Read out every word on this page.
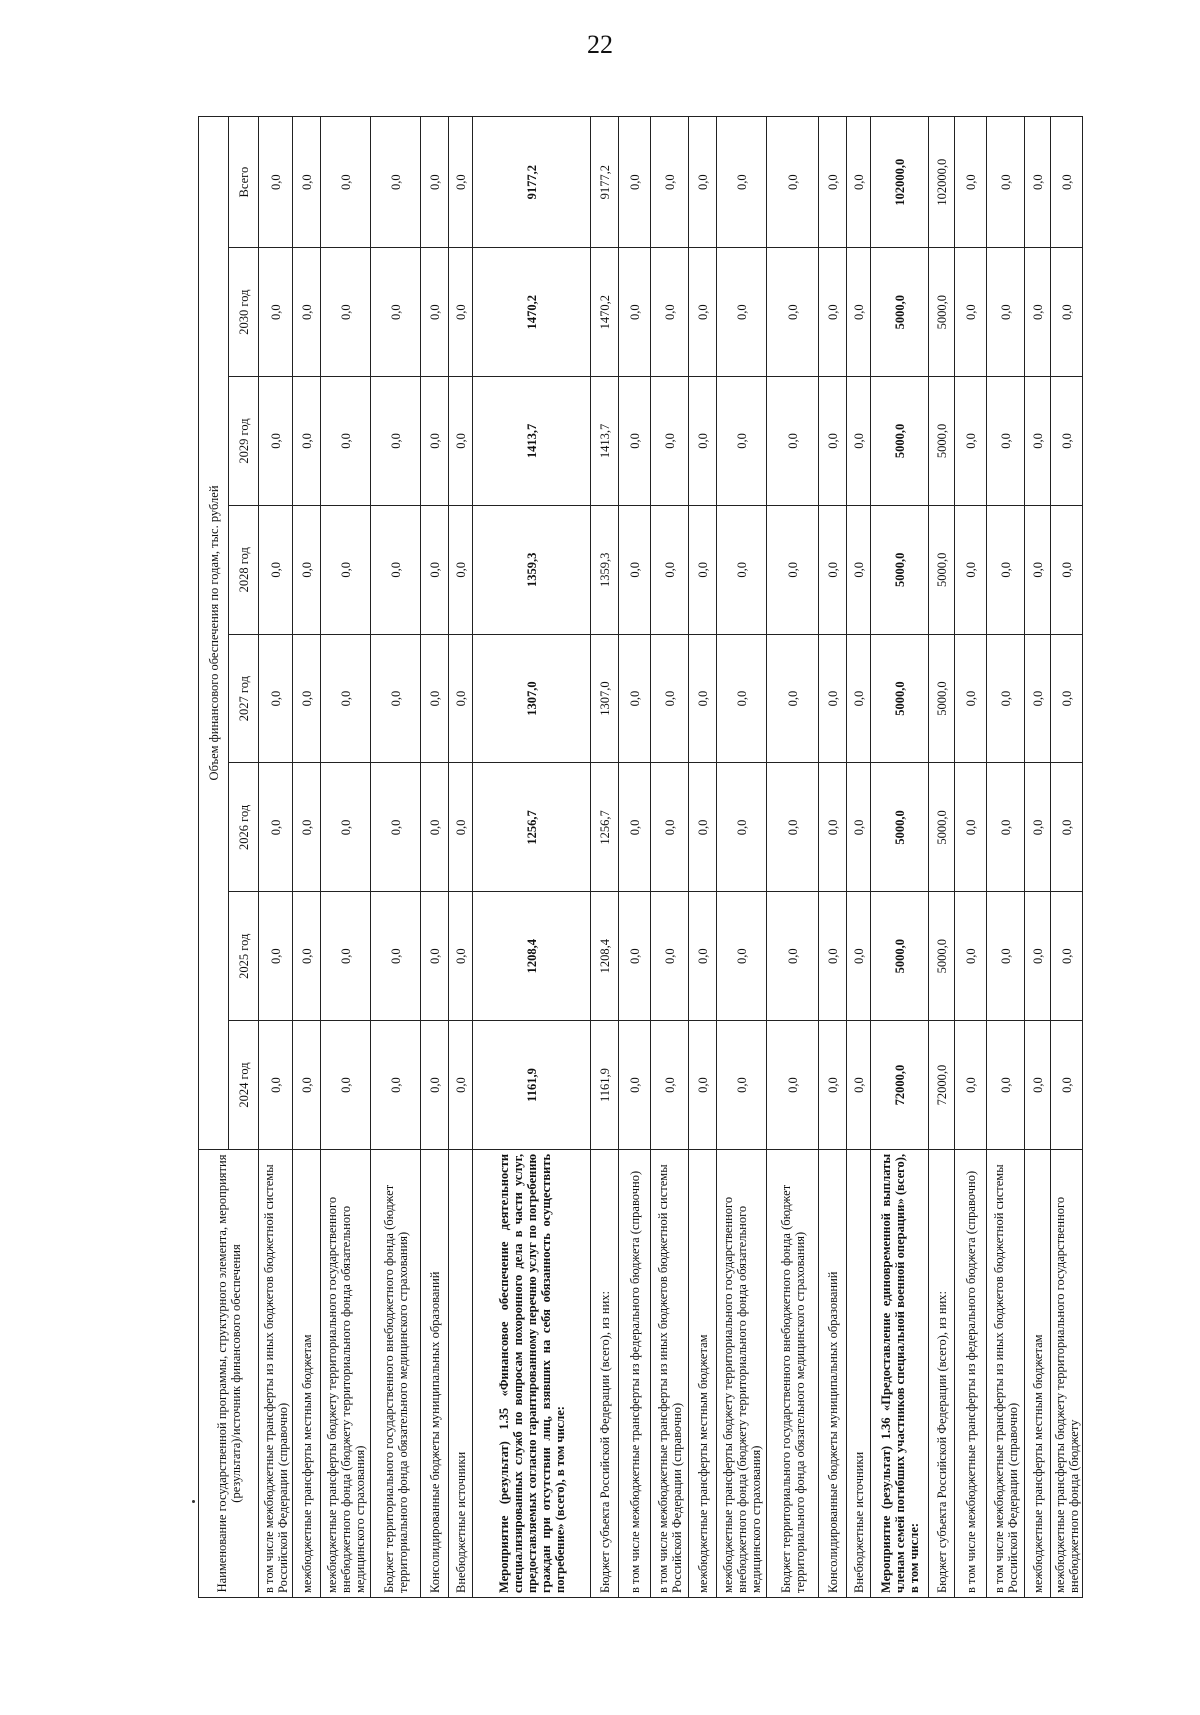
22
Наименование государственной программы, структурного элемента, мероприятия (результата)/источник финансового обеспечения	Объем финансового обеспечения по годам, тыс. рублей							
	2024 год	2025 год	2026 год	2027 год	2028 год	2029 год	2030 год	Всего
в том числе межбюджетные трансферты из иных бюджетов бюджетной системы Российской Федерации (справочно)	0,0	0,0	0,0	0,0	0,0	0,0	0,0	0,0
межбюджетные трансферты местным бюджетам	0,0	0,0	0,0	0,0	0,0	0,0	0,0	0,0
межбюджетные трансферты бюджету территориального государственного внебюджетного фонда (бюджету территориального фонда обязательного медицинского страхования)	0,0	0,0	0,0	0,0	0,0	0,0	0,0	0,0
Бюджет территориального государственного внебюджетного фонда (бюджет территориального фонда обязательного медицинского страхования)	0,0	0,0	0,0	0,0	0,0	0,0	0,0	0,0
Консолидированные бюджеты муниципальных образований	0,0	0,0	0,0	0,0	0,0	0,0	0,0	0,0
Внебюджетные источники	0,0	0,0	0,0	0,0	0,0	0,0	0,0	0,0
Мероприятие (результат) 1.35 «Финансовое обеспечение деятельности специализированных служб по вопросам похоронного дела в части услуг, предоставляемых согласно гарантированному перечню услуг по погребению граждан при отсутствии лиц, взявших на себя обязанность осуществить погребение» (всего), в том числе:	1161,9	1208,4	1256,7	1307,0	1359,3	1413,7	1470,2	9177,2
Бюджет субъекта Российской Федерации (всего), из них:	1161,9	1208,4	1256,7	1307,0	1359,3	1413,7	1470,2	9177,2
в том числе межбюджетные трансферты из федерального бюджета (справочно)	0,0	0,0	0,0	0,0	0,0	0,0	0,0	0,0
в том числе межбюджетные трансферты из иных бюджетов бюджетной системы Российской Федерации (справочно)	0,0	0,0	0,0	0,0	0,0	0,0	0,0	0,0
межбюджетные трансферты местным бюджетам	0,0	0,0	0,0	0,0	0,0	0,0	0,0	0,0
межбюджетные трансферты бюджету территориального государственного внебюджетного фонда (бюджету территориального фонда обязательного медицинского страхования)	0,0	0,0	0,0	0,0	0,0	0,0	0,0	0,0
Бюджет территориального государственного внебюджетного фонда (бюджет территориального фонда обязательного медицинского страхования)	0,0	0,0	0,0	0,0	0,0	0,0	0,0	0,0
Консолидированные бюджеты муниципальных образований	0,0	0,0	0,0	0,0	0,0	0,0	0,0	0,0
Внебюджетные источники	0,0	0,0	0,0	0,0	0,0	0,0	0,0	0,0
Мероприятие (результат) 1.36 «Предоставление единовременной выплаты членам семей погибших участников специальной военной операции» (всего), в том числе:	72000,0	5000,0	5000,0	5000,0	5000,0	5000,0	5000,0	102000,0
Бюджет субъекта Российской Федерации (всего), из них:	72000,0	5000,0	5000,0	5000,0	5000,0	5000,0	5000,0	102000,0
в том числе межбюджетные трансферты из федерального бюджета (справочно)	0,0	0,0	0,0	0,0	0,0	0,0	0,0	0,0
в том числе межбюджетные трансферты из иных бюджетов бюджетной системы Российской Федерации (справочно)	0,0	0,0	0,0	0,0	0,0	0,0	0,0	0,0
межбюджетные трансферты местным бюджетам	0,0	0,0	0,0	0,0	0,0	0,0	0,0	0,0
межбюджетные трансферты бюджету территориального государственного внебюджетного фонда (бюджету	0,0	0,0	0,0	0,0	0,0	0,0	0,0	0,0
